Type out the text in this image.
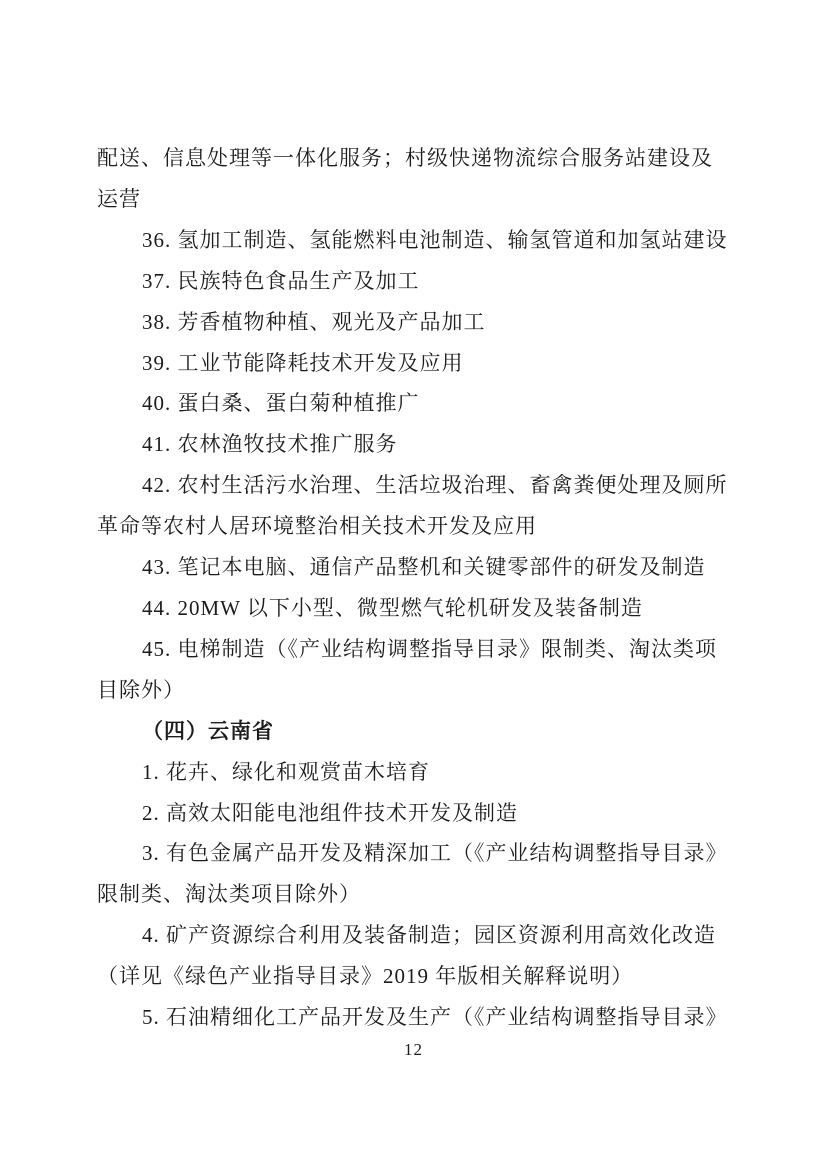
配送、信息处理等一体化服务；村级快递物流综合服务站建设及
运营
36. 氢加工制造、氢能燃料电池制造、输氢管道和加氢站建设
37. 民族特色食品生产及加工
38. 芳香植物种植、观光及产品加工
39. 工业节能降耗技术开发及应用
40. 蛋白桑、蛋白菊种植推广
41. 农林渔牧技术推广服务
42. 农村生活污水治理、生活垃圾治理、畜禽粪便处理及厕所
革命等农村人居环境整治相关技术开发及应用
43. 笔记本电脑、通信产品整机和关键零部件的研发及制造
44. 20MW 以下小型、微型燃气轮机研发及装备制造
45. 电梯制造（《产业结构调整指导目录》限制类、淘汰类项
目除外）
（四）云南省
1. 花卉、绿化和观赏苗木培育
2. 高效太阳能电池组件技术开发及制造
3. 有色金属产品开发及精深加工（《产业结构调整指导目录》
限制类、淘汰类项目除外）
4. 矿产资源综合利用及装备制造；园区资源利用高效化改造
（详见《绿色产业指导目录》2019 年版相关解释说明）
5. 石油精细化工产品开发及生产（《产业结构调整指导目录》
12
